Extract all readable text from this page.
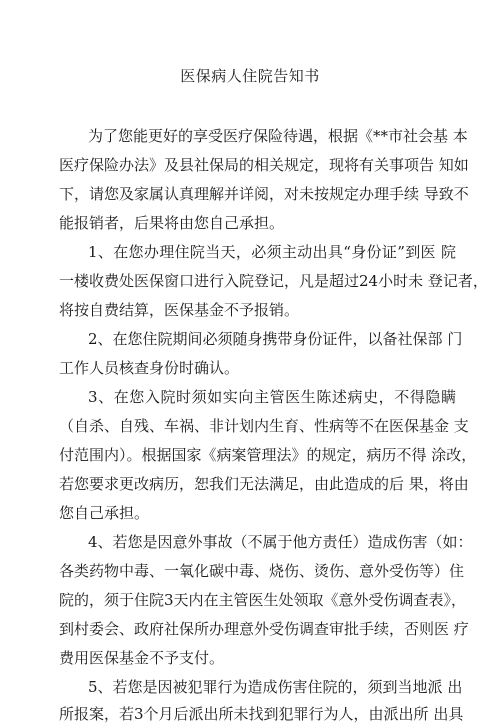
医保病人住院告知书
为了您能更好的享受医疗保险待遇，根据《**市社会基 本
医疗保险办法》及县社保局的相关规定，现将有关事项告 知如
下，请您及家属认真理解并详阅，对未按规定办理手续 导致不
能报销者，后果将由您自己承担。
1、在您办理住院当天，必须主动出具“身份证”到医 院
一楼收费处医保窗口进行入院登记，凡是超过24小时未 登记者，
将按自费结算，医保基金不予报销。
2、在您住院期间必须随身携带身份证件，以备社保部 门
工作人员核查身份时确认。
3、在您入院时须如实向主管医生陈述病史，不得隐瞒
（自杀、自残、车祸、非计划内生育、性病等不在医保基金 支
付范围内）。根据国家《病案管理法》的规定，病历不得 涂改，
若您要求更改病历，恕我们无法满足，由此造成的后 果，将由
您自己承担。
4、若您是因意外事故（不属于他方责任）造成伤害（如：
各类药物中毒、一氧化碳中毒、烧伤、烫伤、意外受伤等）住
院的，须于住院3天内在主管医生处领取《意外受伤调查表》，
到村委会、政府社保所办理意外受伤调查审批手续，否则医 疗
费用医保基金不予支付。
5、若您是因被犯罪行为造成伤害住院的，须到当地派 出
所报案，若3个月后派出所未找到犯罪行为人，由派出所 出具
